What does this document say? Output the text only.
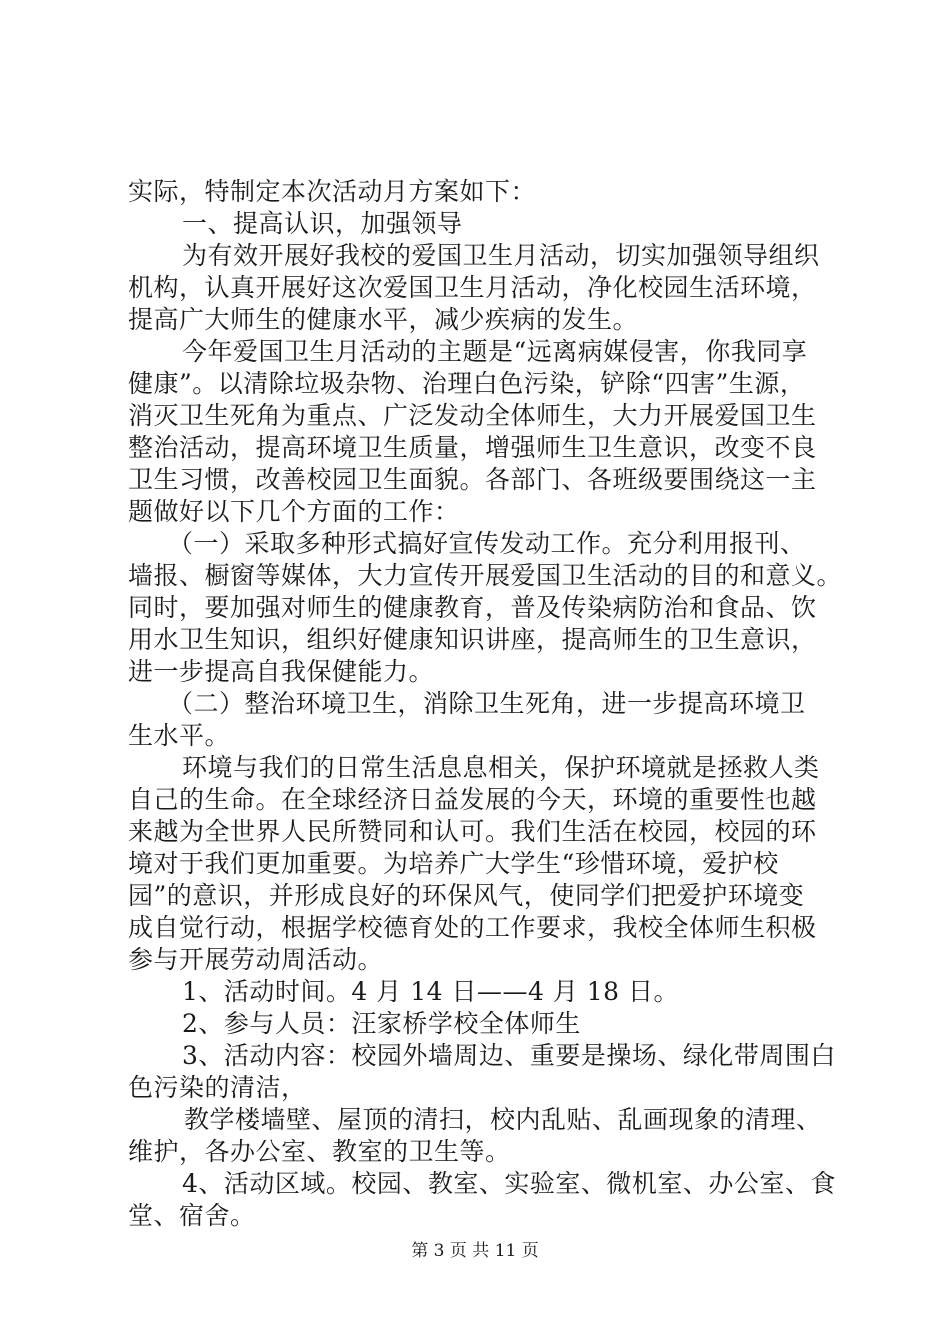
实际，特制定本次活动月方案如下：
一、提高认识，加强领导
为有效开展好我校的爱国卫生月活动，切实加强领导组织
机构，认真开展好这次爱国卫生月活动，净化校园生活环境，
提高广大师生的健康水平，减少疾病的发生。
今年爱国卫生月活动的主题是“远离病媒侵害，你我同享
健康”。以清除垃圾杂物、治理白色污染，铲除“四害”生源，
消灭卫生死角为重点、广泛发动全体师生，大力开展爱国卫生
整治活动，提高环境卫生质量，增强师生卫生意识，改变不良
卫生习惯，改善校园卫生面貌。各部门、各班级要围绕这一主
题做好以下几个方面的工作：
（一）采取多种形式搞好宣传发动工作。充分利用报刊、
墙报、橱窗等媒体，大力宣传开展爱国卫生活动的目的和意义。
同时，要加强对师生的健康教育，普及传染病防治和食品、饮
用水卫生知识，组织好健康知识讲座，提高师生的卫生意识，
进一步提高自我保健能力。
（二）整治环境卫生，消除卫生死角，进一步提高环境卫
生水平。
环境与我们的日常生活息息相关，保护环境就是拯救人类
自己的生命。在全球经济日益发展的今天，环境的重要性也越
来越为全世界人民所赞同和认可。我们生活在校园，校园的环
境对于我们更加重要。为培养广大学生“珍惜环境，爱护校
园”的意识，并形成良好的环保风气，使同学们把爱护环境变
成自觉行动，根据学校德育处的工作要求，我校全体师生积极
参与开展劳动周活动。
1、活动时间。4 月 14 日——4 月 18 日。
2、参与人员：汪家桥学校全体师生
3、活动内容：校园外墙周边、重要是操场、绿化带周围白
色污染的清洁，
教学楼墙壁、屋顶的清扫，校内乱贴、乱画现象的清理、
维护，各办公室、教室的卫生等。
4、活动区域。校园、教室、实验室、微机室、办公室、食
堂、宿舍。
第 3 页 共 11 页
